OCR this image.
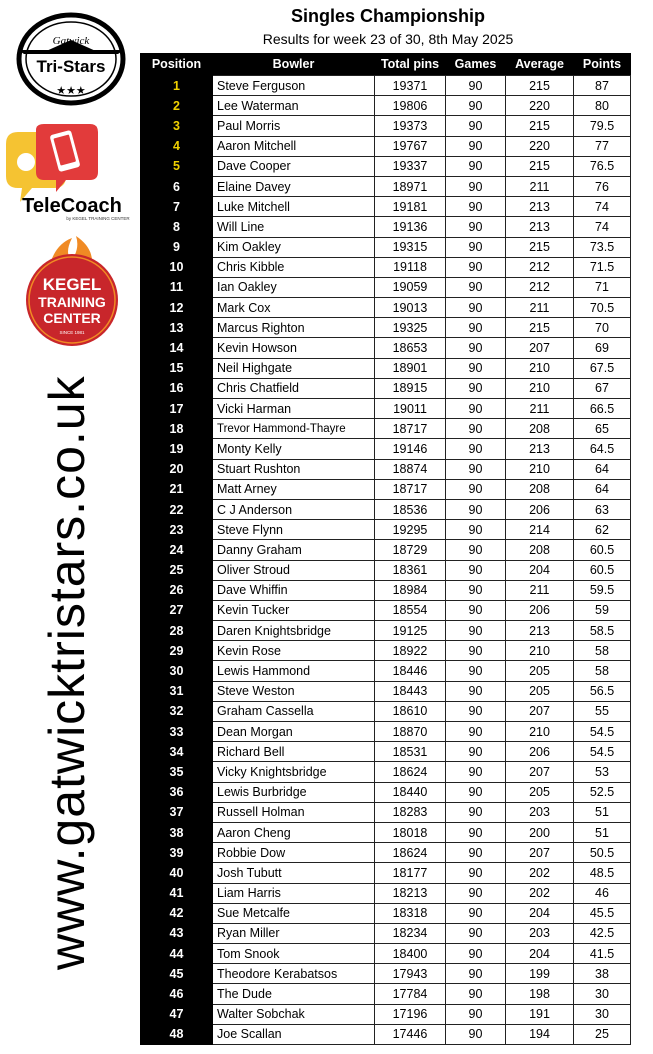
Singles Championship
Results for week 23 of 30, 8th May 2025
Gatwick
Tri-Stars
★★★
TeleCoach
by KEGEL TRAINING CENTER
KEGEL
TRAINING
CENTER
SINCE 1981
www.gatwicktristars.co.uk
Position	Bowler	Total pins	Games	Average	Points
1	Steve Ferguson	19371	90	215	87
2	Lee Waterman	19806	90	220	80
3	Paul Morris	19373	90	215	79.5
4	Aaron Mitchell	19767	90	220	77
5	Dave Cooper	19337	90	215	76.5
6	Elaine Davey	18971	90	211	76
7	Luke Mitchell	19181	90	213	74
8	Will Line	19136	90	213	74
9	Kim Oakley	19315	90	215	73.5
10	Chris Kibble	19118	90	212	71.5
11	Ian Oakley	19059	90	212	71
12	Mark Cox	19013	90	211	70.5
13	Marcus Righton	19325	90	215	70
14	Kevin Howson	18653	90	207	69
15	Neil Highgate	18901	90	210	67.5
16	Chris Chatfield	18915	90	210	67
17	Vicki Harman	19011	90	211	66.5
18	Trevor Hammond-Thayre	18717	90	208	65
19	Monty Kelly	19146	90	213	64.5
20	Stuart Rushton	18874	90	210	64
21	Matt Arney	18717	90	208	64
22	C J Anderson	18536	90	206	63
23	Steve Flynn	19295	90	214	62
24	Danny Graham	18729	90	208	60.5
25	Oliver Stroud	18361	90	204	60.5
26	Dave Whiffin	18984	90	211	59.5
27	Kevin Tucker	18554	90	206	59
28	Daren Knightsbridge	19125	90	213	58.5
29	Kevin Rose	18922	90	210	58
30	Lewis Hammond	18446	90	205	58
31	Steve Weston	18443	90	205	56.5
32	Graham Cassella	18610	90	207	55
33	Dean Morgan	18870	90	210	54.5
34	Richard Bell	18531	90	206	54.5
35	Vicky Knightsbridge	18624	90	207	53
36	Lewis Burbridge	18440	90	205	52.5
37	Russell Holman	18283	90	203	51
38	Aaron Cheng	18018	90	200	51
39	Robbie Dow	18624	90	207	50.5
40	Josh Tubutt	18177	90	202	48.5
41	Liam Harris	18213	90	202	46
42	Sue Metcalfe	18318	90	204	45.5
43	Ryan Miller	18234	90	203	42.5
44	Tom Snook	18400	90	204	41.5
45	Theodore Kerabatsos	17943	90	199	38
46	The Dude	17784	90	198	30
47	Walter Sobchak	17196	90	191	30
48	Joe Scallan	17446	90	194	25
